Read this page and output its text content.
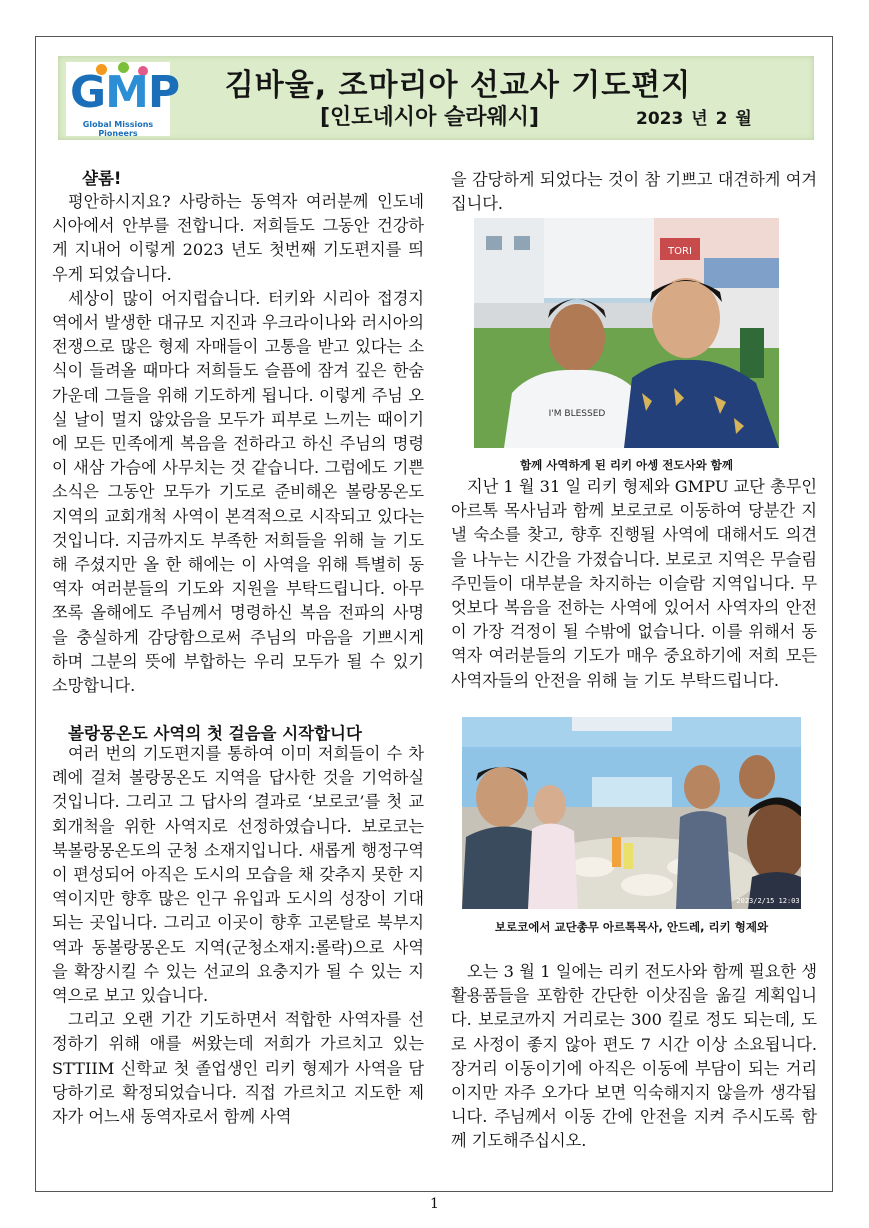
GMP
Global Missions Pioneers
김바울, 조마리아 선교사 기도편지
[인도네시아 슬라웨시]	2023 년 2 월
샬롬!

평안하시지요? 사랑하는 동역자 여러분께 인도네시아에서 안부를 전합니다. 저희들도 그동안 건강하게 지내어 이렇게 2023 년도 첫번째 기도편지를 띄우게 되었습니다.

세상이 많이 어지럽습니다. 터키와 시리아 접경지역에서 발생한 대규모 지진과 우크라이나와 러시아의 전쟁으로 많은 형제 자매들이 고통을 받고 있다는 소식이 들려올 때마다 저희들도 슬픔에 잠겨 깊은 한숨 가운데 그들을 위해 기도하게 됩니다. 이렇게 주님 오실 날이 멀지 않았음을 모두가 피부로 느끼는 때이기에 모든 민족에게 복음을 전하라고 하신 주님의 명령이 새삼 가슴에 사무치는 것 같습니다. 그럼에도 기쁜 소식은 그동안 모두가 기도로 준비해온 볼랑몽온도 지역의 교회개척 사역이 본격적으로 시작되고 있다는 것입니다. 지금까지도 부족한 저희들을 위해 늘 기도해 주셨지만 올 한 해에는 이 사역을 위해 특별히 동역자 여러분들의 기도와 지원을 부탁드립니다. 아무쪼록 올해에도 주님께서 명령하신 복음 전파의 사명을 충실하게 감당함으로써 주님의 마음을 기쁘시게 하며 그분의 뜻에 부합하는 우리 모두가 될 수 있기 소망합니다.

볼랑몽온도 사역의 첫 걸음을 시작합니다

여러 번의 기도편지를 통하여 이미 저희들이 수 차례에 걸쳐 볼랑몽온도 지역을 답사한 것을 기억하실 것입니다. 그리고 그 답사의 결과로 ‘보로코’를 첫 교회개척을 위한 사역지로 선정하였습니다. 보로코는 북볼랑몽온도의 군청 소재지입니다. 새롭게 행정구역이 편성되어 아직은 도시의 모습을 채 갖추지 못한 지역이지만 향후 많은 인구 유입과 도시의 성장이 기대되는 곳입니다. 그리고 이곳이 향후 고론탈로 북부지역과 동볼랑몽온도 지역(군청소재지:롤락)으로 사역을 확장시킬 수 있는 선교의 요충지가 될 수 있는 지역으로 보고 있습니다.

그리고 오랜 기간 기도하면서 적합한 사역자를 선정하기 위해 애를 써왔는데 저희가 가르치고 있는 STTIIM 신학교 첫 졸업생인 리키 형제가 사역을 담당하기로 확정되었습니다. 직접 가르치고 지도한 제자가 어느새 동역자로서 함께 사역

을 감당하게 되었다는 것이 참 기쁘고 대견하게 여겨집니다.

TORI
I'M BLESSED
함께 사역하게 된 리키 아셍 전도사와 함께

지난 1 월 31 일 리키 형제와 GMPU 교단 총무인 아르톡 목사님과 함께 보로코로 이동하여 당분간 지낼 숙소를 찾고, 향후 진행될 사역에 대해서도 의견을 나누는 시간을 가졌습니다. 보로코 지역은 무슬림 주민들이 대부분을 차지하는 이슬람 지역입니다. 무엇보다 복음을 전하는 사역에 있어서 사역자의 안전이 가장 걱정이 될 수밖에 없습니다. 이를 위해서 동역자 여러분들의 기도가 매우 중요하기에 저희 모든 사역자들의 안전을 위해 늘 기도 부탁드립니다.

2023/2/15 12:03
보로코에서 교단총무 아르톡목사, 안드레, 리키 형제와

오는 3 월 1 일에는 리키 전도사와 함께 필요한 생활용품들을 포함한 간단한 이삿짐을 옮길 계획입니다. 보로코까지 거리로는 300 킬로 정도 되는데, 도로 사정이 좋지 않아 편도 7 시간 이상 소요됩니다. 장거리 이동이기에 아직은 이동에 부담이 되는 거리이지만 자주 오가다 보면 익숙해지지 않을까 생각됩니다. 주님께서 이동 간에 안전을 지켜 주시도록 함께 기도해주십시오.

1
